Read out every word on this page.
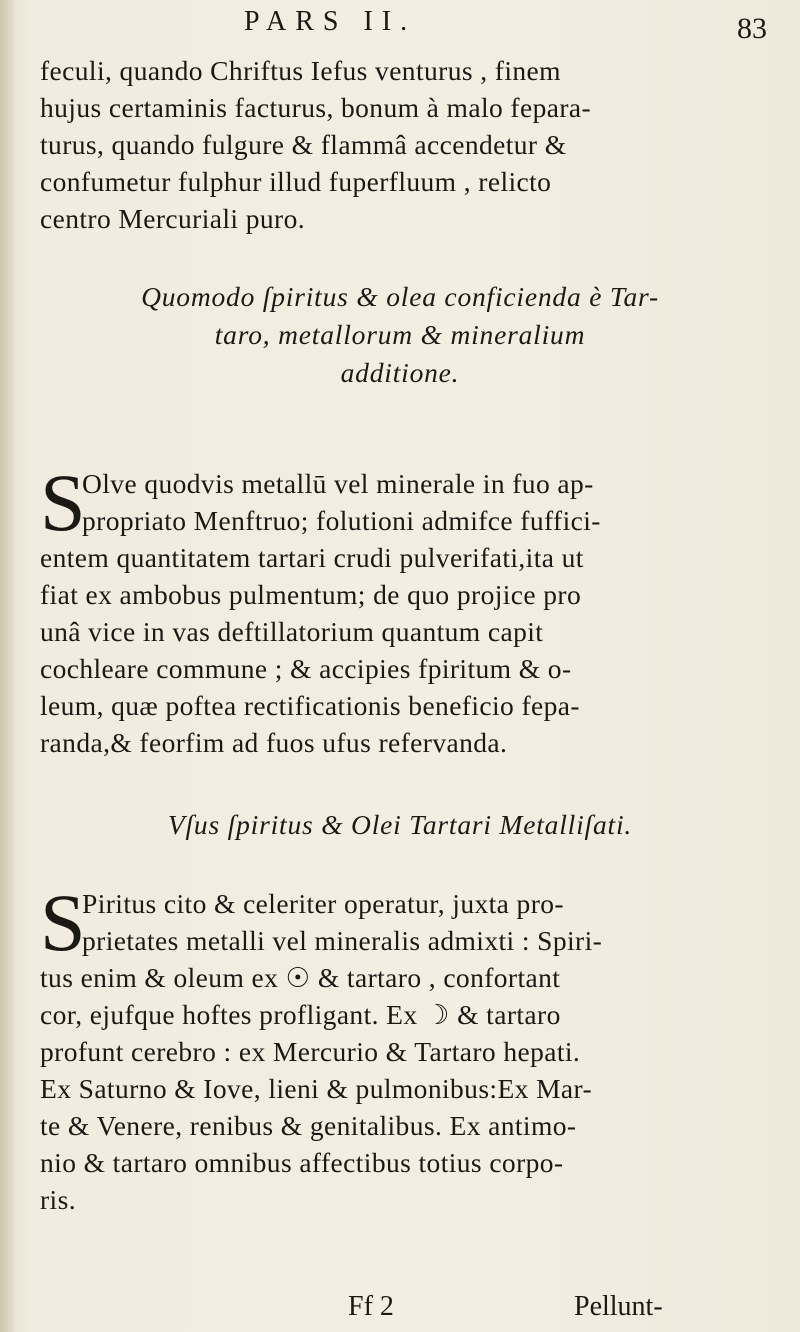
PARS II.	83
feculi, quando Chriftus Iefus venturus , finem
hujus certaminis facturus, bonum à malo fepara-
turus, quando fulgure & flammâ accendetur &
confumetur fulphur illud fuperfluum , relicto
centro Mercuriali puro.
Quomodo ſpiritus & olea conficienda è Tar-
taro, metallorum & mineralium
additione.
S
Olve quodvis metallū vel minerale in fuo ap-
propriato Menftruo; folutioni admifce fuffici-
entem quantitatem tartari crudi pulverifati,ita ut
fiat ex ambobus pulmentum; de quo projice pro
unâ vice in vas deftillatorium quantum capit
cochleare commune ; & accipies fpiritum & o-
leum, quæ poftea rectificationis beneficio fepa-
randa,& feorfim ad fuos ufus refervanda.
Vſus ſpiritus & Olei Tartari Metalliſati.
S
Piritus cito & celeriter operatur, juxta pro-
prietates metalli vel mineralis admixti : Spiri-
tus enim & oleum ex ☉ & tartaro , confortant
cor, ejufque hoftes profligant. Ex ☽ & tartaro
profunt cerebro : ex Mercurio & Tartaro hepati.
Ex Saturno & Iove, lieni & pulmonibus:Ex Mar-
te & Venere, renibus & genitalibus. Ex antimo-
nio & tartaro omnibus affectibus totius corpo-
ris.
Ff 2	Pellunt-
